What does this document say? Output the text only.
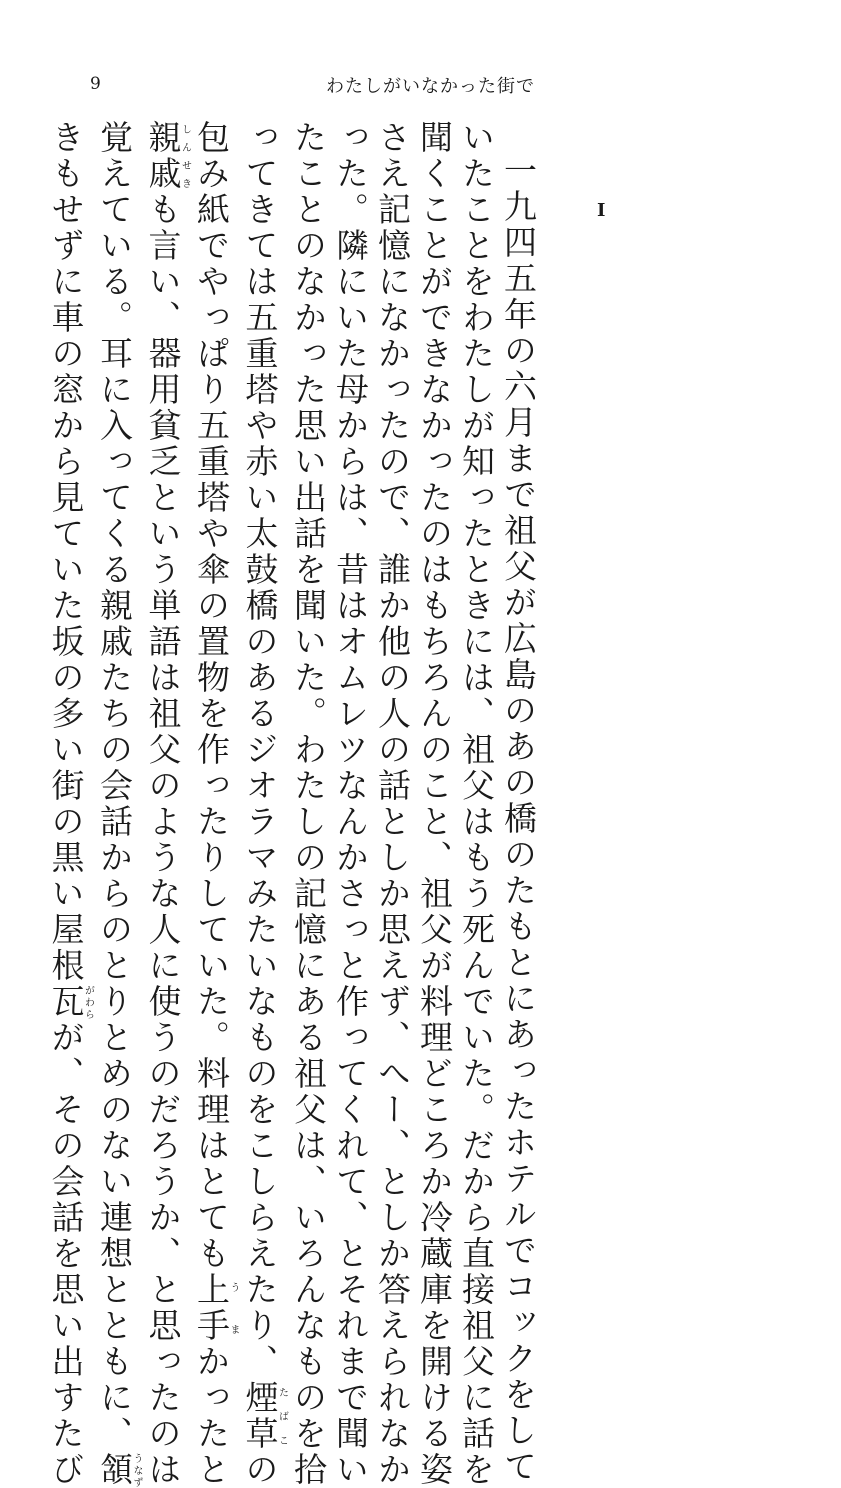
9	わたしがいなかった街で
I
一九四五年の六月まで祖父が広島のあの橋のたもとにあったホテルでコックをして
いたことをわたしが知ったときには、祖父はもう死んでいた。だから直接祖父に話を
聞くことができなかったのはもちろんのこと、祖父が料理どころか冷蔵庫を開ける姿
さえ記憶になかったので、誰か他の人の話としか思えず、へー、としか答えられなか
った。隣にいた母からは、昔はオムレツなんかさっと作ってくれて、とそれまで聞い
たことのなかった思い出話を聞いた。わたしの記憶にある祖父は、いろんなものを拾
ってきては五重塔や赤い太鼓橋のあるジオラマみたいなものをこしらえたり、煙草たばこの
包み紙でやっぱり五重塔や傘の置物を作ったりしていた。料理はとても上手うまかったと
親戚しんせきも言い、器用貧乏という単語は祖父のような人に使うのだろうか、と思ったのは
覚えている。耳に入ってくる親戚たちの会話からのとりとめのない連想とともに、頷うなず
きもせずに車の窓から見ていた坂の多い街の黒い屋根瓦がわらが、その会話を思い出すたび
